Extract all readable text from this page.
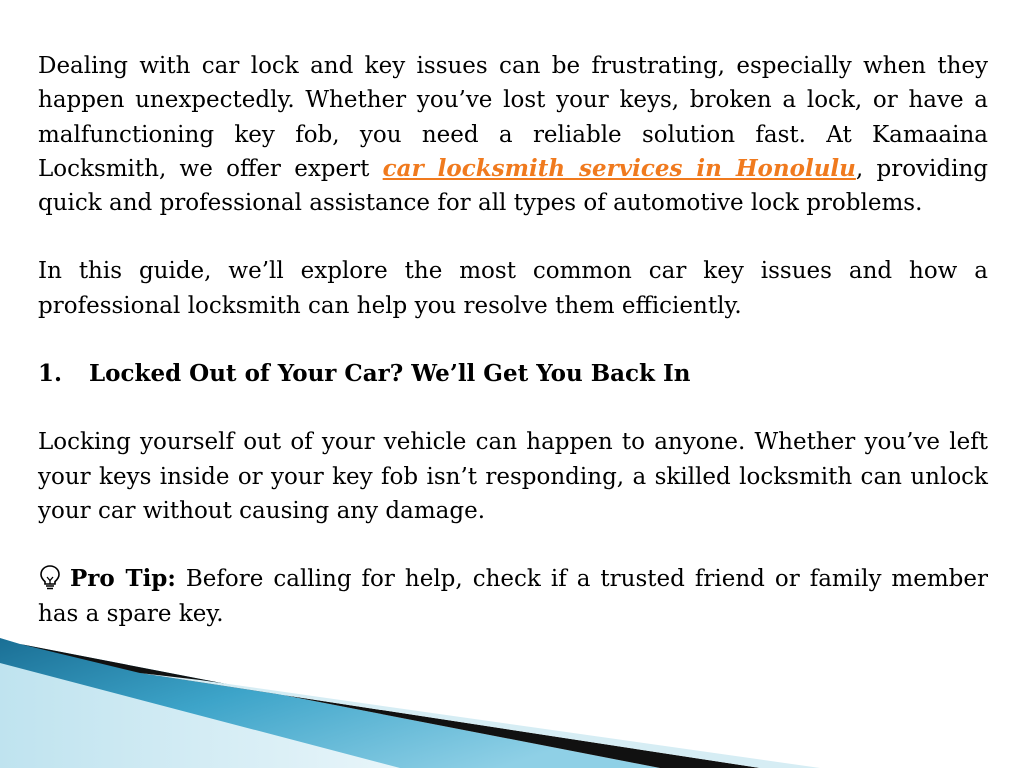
Dealing with car lock and key issues can be frustrating, especially when they happen unexpectedly. Whether you’ve lost your keys, broken a lock, or have a malfunctioning key fob, you need a reliable solution fast. At Kamaaina Locksmith, we offer expert car locksmith services in Honolulu, providing quick and professional assistance for all types of automotive lock problems.

In this guide, we’ll explore the most common car key issues and how a professional locksmith can help you resolve them efficiently.

1.	Locked Out of Your Car? We’ll Get You Back In

Locking yourself out of your vehicle can happen to anyone. Whether you’ve left your keys inside or your key fob isn’t responding, a skilled locksmith can unlock your car without causing any damage.

Pro Tip: Before calling for help, check if a trusted friend or family member has a spare key.
